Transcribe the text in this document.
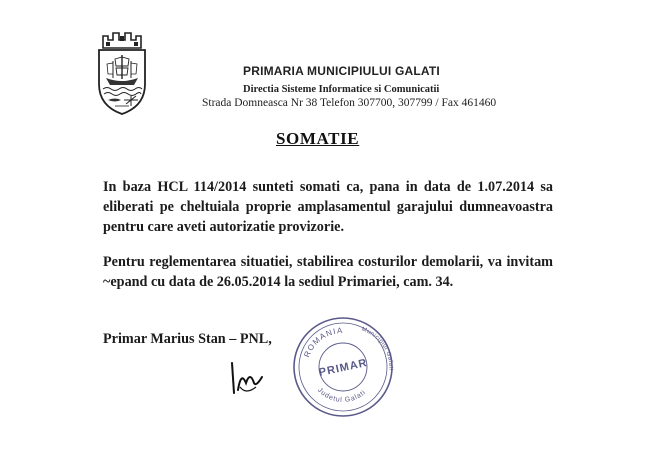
PRIMARIA MUNICIPIULUI GALATI
Directia Sisteme Informatice si Comunicatii
Strada Domneasca Nr 38 Telefon 307700, 307799 / Fax 461460
SOMATIE
In baza HCL 114/2014 sunteti somati ca, pana in data de 1.07.2014 sa eliberati pe cheltuiala proprie amplasamentul garajului dumneavoastra pentru care aveti autorizatie provizorie.
Pentru reglementarea situatiei, stabilirea costurilor demolarii, va invitam ~epand cu data de 26.05.2014 la sediul Primariei, cam. 34.
Primar Marius Stan – PNL,
ROMANIA
Judetul Galati
Municipiul Galati
PRIMAR
